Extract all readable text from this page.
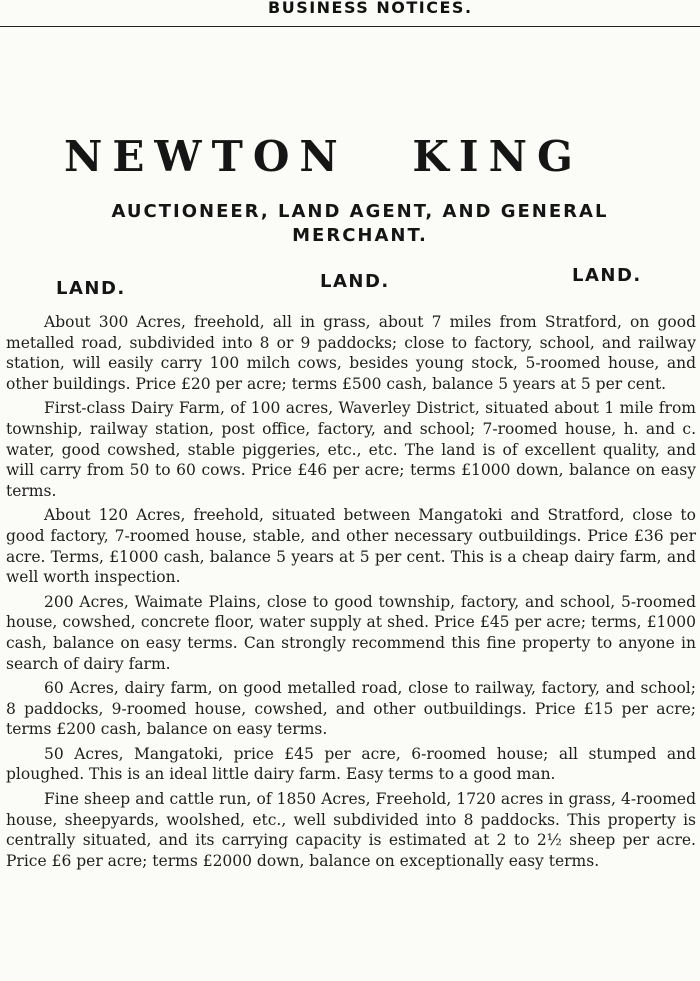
BUSINESS NOTICES.
NEWTON KING
AUCTIONEER, LAND AGENT, AND GENERAL MERCHANT.
LAND.	LAND.	LAND.

About 300 Acres, freehold, all in grass, about 7 miles from Stratford, on good metalled road, subdivided into 8 or 9 paddocks; close to factory, school, and railway station, will easily carry 100 milch cows, besides young stock, 5-roomed house, and other buildings. Price £20 per acre; terms £500 cash, balance 5 years at 5 per cent.

First-class Dairy Farm, of 100 acres, Waverley District, situated about 1 mile from township, railway station, post office, factory, and school; 7-roomed house, h. and c. water, good cowshed, stable piggeries, etc., etc. The land is of excellent quality, and will carry from 50 to 60 cows. Price £46 per acre; terms £1000 down, balance on easy terms.

About 120 Acres, freehold, situated between Mangatoki and Stratford, close to good factory, 7-roomed house, stable, and other necessary outbuildings. Price £36 per acre. Terms, £1000 cash, balance 5 years at 5 per cent. This is a cheap dairy farm, and well worth inspection.

200 Acres, Waimate Plains, close to good township, factory, and school, 5-roomed house, cowshed, concrete floor, water supply at shed. Price £45 per acre; terms, £1000 cash, balance on easy terms. Can strongly recommend this fine property to anyone in search of dairy farm.

60 Acres, dairy farm, on good metalled road, close to railway, factory, and school; 8 paddocks, 9-roomed house, cowshed, and other outbuildings. Price £15 per acre; terms £200 cash, balance on easy terms.

50 Acres, Mangatoki, price £45 per acre, 6-roomed house; all stumped and ploughed. This is an ideal little dairy farm. Easy terms to a good man.

Fine sheep and cattle run, of 1850 Acres, Freehold, 1720 acres in grass, 4-roomed house, sheepyards, woolshed, etc., well subdivided into 8 paddocks. This property is centrally situated, and its carrying capacity is estimated at 2 to 2½ sheep per acre. Price £6 per acre; terms £2000 down, balance on exceptionally easy terms.
